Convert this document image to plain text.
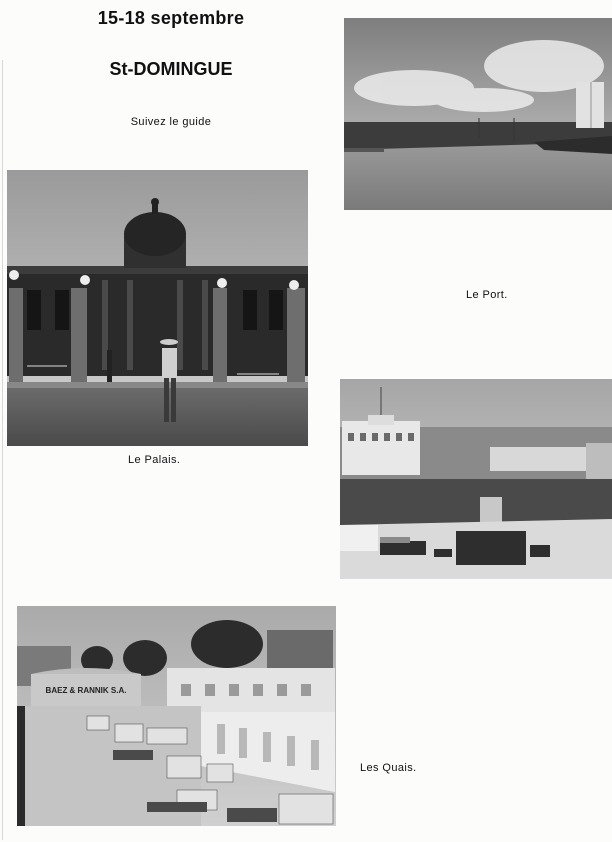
15-18 septembre
St-DOMINGUE
Suivez le guide
Le Palais.
Le Port.
BAEZ & RANNIK S.A.
Les Quais.
